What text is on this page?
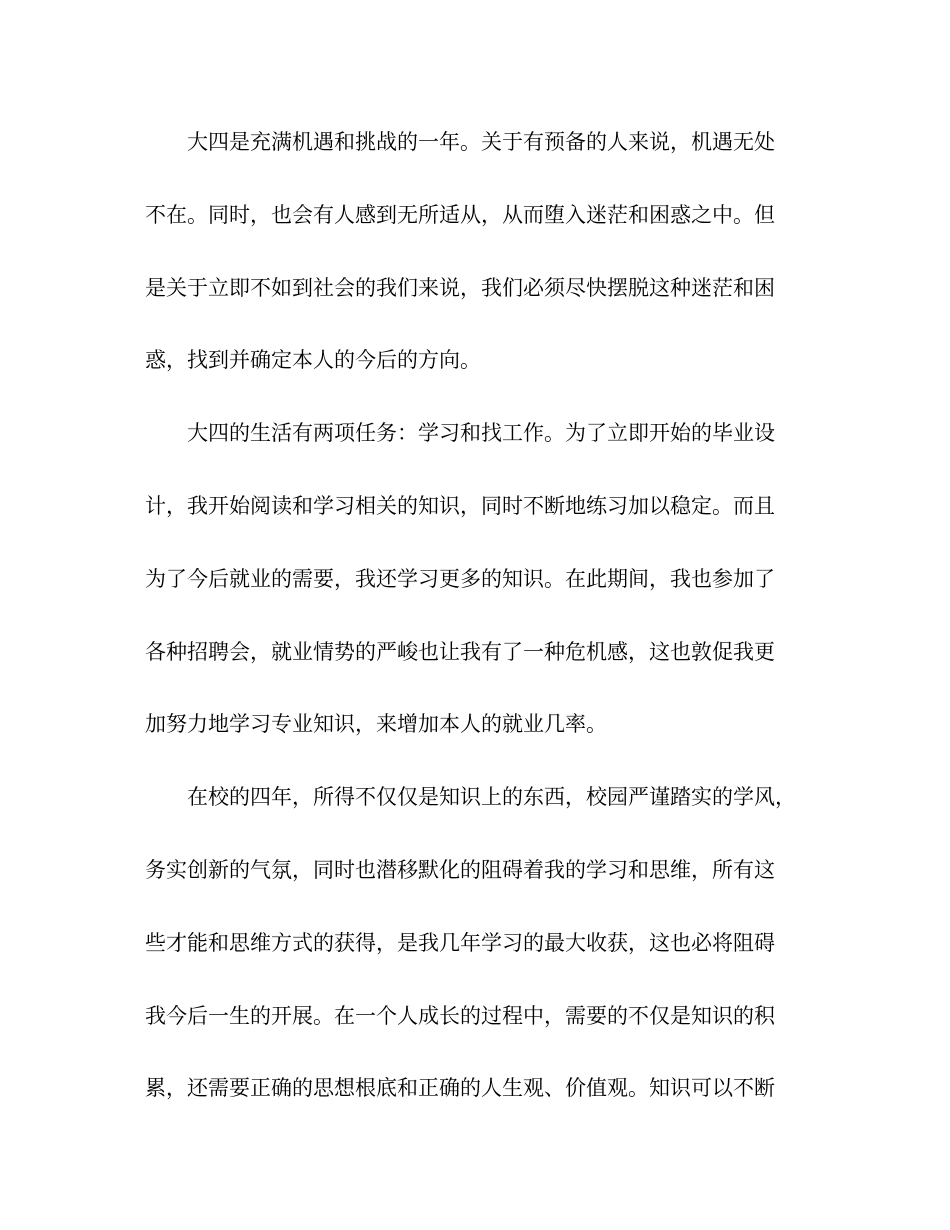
大四是充满机遇和挑战的一年。关于有预备的人来说，机遇无处
不在。同时，也会有人感到无所适从，从而堕入迷茫和困惑之中。但
是关于立即不如到社会的我们来说，我们必须尽快摆脱这种迷茫和困
惑，找到并确定本人的今后的方向。
大四的生活有两项任务：学习和找工作。为了立即开始的毕业设
计，我开始阅读和学习相关的知识，同时不断地练习加以稳定。而且
为了今后就业的需要，我还学习更多的知识。在此期间，我也参加了
各种招聘会，就业情势的严峻也让我有了一种危机感，这也敦促我更
加努力地学习专业知识，来增加本人的就业几率。
在校的四年，所得不仅仅是知识上的东西，校园严谨踏实的学风，
务实创新的气氛，同时也潜移默化的阻碍着我的学习和思维，所有这
些才能和思维方式的获得，是我几年学习的最大收获，这也必将阻碍
我今后一生的开展。在一个人成长的过程中，需要的不仅是知识的积
累，还需要正确的思想根底和正确的人生观、价值观。知识可以不断
